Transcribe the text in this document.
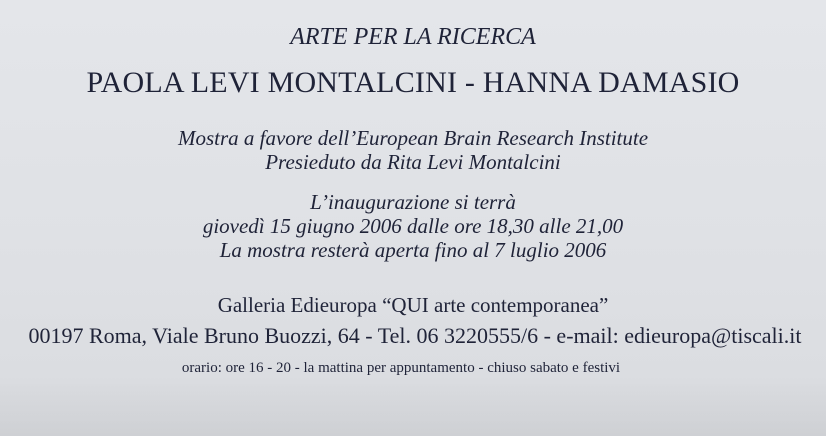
ARTE PER LA RICERCA
PAOLA LEVI MONTALCINI - HANNA DAMASIO
Mostra a favore dell’European Brain Research Institute
Presieduto da Rita Levi Montalcini
L’inaugurazione si terrà
giovedì 15 giugno 2006 dalle ore 18,30 alle 21,00
La mostra resterà aperta fino al 7 luglio 2006
Galleria Edieuropa “QUI arte contemporanea”
00197 Roma, Viale Bruno Buozzi, 64 - Tel. 06 3220555/6 - e-mail: edieuropa@tiscali.it
orario: ore 16 - 20 - la mattina per appuntamento - chiuso sabato e festivi
